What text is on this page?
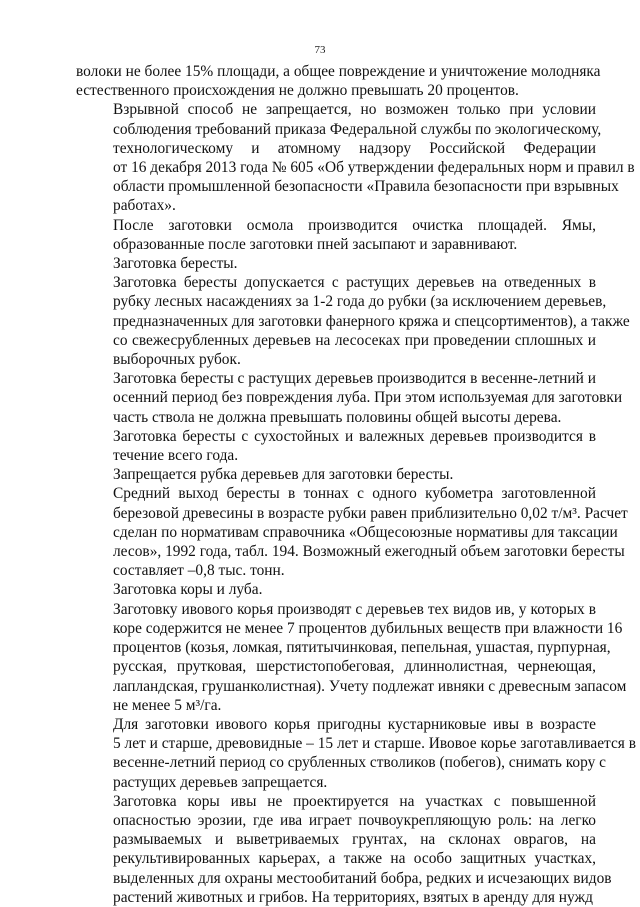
73

волоки не более 15% площади, а общее повреждение и уничтожение молодняка
естественного происхождения не должно превышать 20 процентов.

Взрывной способ не запрещается, но возможен только при условии
соблюдения требований приказа Федеральной службы по экологическому,
технологическому и атомному надзору Российской Федерации
от 16 декабря 2013 года № 605 «Об утверждении федеральных норм и правил в
области промышленной безопасности «Правила безопасности при взрывных
работах».

После заготовки осмола производится очистка площадей. Ямы,
образованные после заготовки пней засыпают и заравнивают.

Заготовка бересты.

Заготовка бересты допускается с растущих деревьев на отведенных в
рубку лесных насаждениях за 1-2 года до рубки (за исключением деревьев,
предназначенных для заготовки фанерного кряжа и спецсортиментов), а также
со свежесрубленных деревьев на лесосеках при проведении сплошных и
выборочных рубок.

Заготовка бересты с растущих деревьев производится в весенне-летний и
осенний период без повреждения луба. При этом используемая для заготовки
часть ствола не должна превышать половины общей высоты дерева.

Заготовка бересты с сухостойных и валежных деревьев производится в
течение всего года.

Запрещается рубка деревьев для заготовки бересты.

Средний выход бересты в тоннах с одного кубометра заготовленной
березовой древесины в возрасте рубки равен приблизительно 0,02 т/м³. Расчет
сделан по нормативам справочника «Общесоюзные нормативы для таксации
лесов», 1992 года, табл. 194. Возможный ежегодный объем заготовки бересты
составляет –0,8 тыс. тонн.

Заготовка коры и луба.

Заготовку ивового корья производят с деревьев тех видов ив, у которых в
коре содержится не менее 7 процентов дубильных веществ при влажности 16
процентов (козья, ломкая, пятитычинковая, пепельная, ушастая, пурпурная,
русская, прутковая, шерстистопобеговая, длиннолистная, чернеющая,
лапландская, грушанколистная). Учету подлежат ивняки с древесным запасом
не менее 5 м³/га.

Для заготовки ивового корья пригодны кустарниковые ивы в возрасте
5 лет и старше, древовидные – 15 лет и старше. Ивовое корье заготавливается в
весенне-летний период со срубленных стволиков (побегов), снимать кору с
растущих деревьев запрещается.

Заготовка коры ивы не проектируется на участках с повышенной
опасностью эрозии, где ива играет почвоукрепляющую роль: на легко
размываемых и выветриваемых грунтах, на склонах оврагов, на
рекультивированных карьерах, а также на особо защитных участках,
выделенных для охраны местообитаний бобра, редких и исчезающих видов
растений животных и грибов. На территориях, взятых в аренду для нужд
